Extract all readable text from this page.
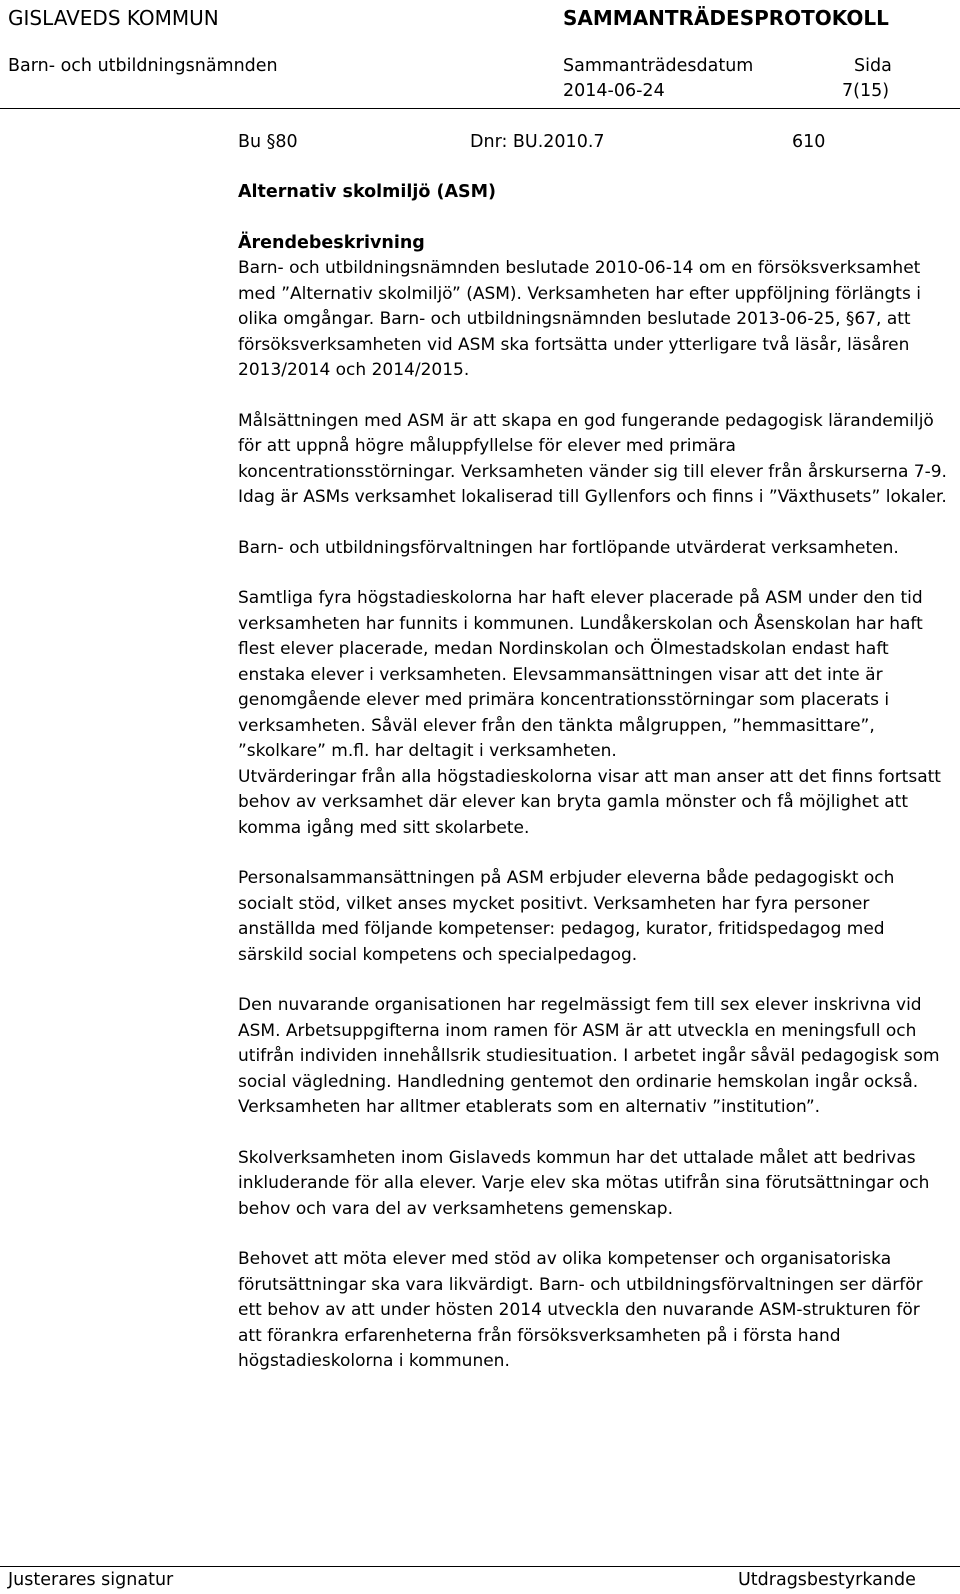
GISLAVEDS KOMMUN	SAMMANTRÄDESPROTOKOLL
Barn- och utbildningsnämnden	Sammanträdesdatum
2014-06-24
Sida
7(15)
Bu §80	Dnr: BU.2010.7	610
Alternativ skolmiljö (ASM)
Ärendebeskrivning

Barn- och utbildningsnämnden beslutade 2010-06-14 om en försöksverksamhet med ”Alternativ skolmiljö” (ASM). Verksamheten har efter uppföljning förlängts i olika omgångar. Barn- och utbildningsnämnden beslutade 2013-06-25, §67, att försöksverksamheten vid ASM ska fortsätta under ytterligare två läsår, läsåren 2013/2014 och 2014/2015.

Målsättningen med ASM är att skapa en god fungerande pedagogisk lärandemiljö för att uppnå högre måluppfyllelse för elever med primära koncentrationsstörningar. Verksamheten vänder sig till elever från årskurserna 7-9. Idag är ASMs verksamhet lokaliserad till Gyllenfors och finns i ”Växthusets” lokaler.

Barn- och utbildningsförvaltningen har fortlöpande utvärderat verksamheten.

Samtliga fyra högstadieskolorna har haft elever placerade på ASM under den tid verksamheten har funnits i kommunen. Lundåkerskolan och Åsenskolan har haft flest elever placerade, medan Nordinskolan och Ölmestadskolan endast haft enstaka elever i verksamheten. Elevsammansättningen visar att det inte är genomgående elever med primära koncentrationsstörningar som placerats i verksamheten. Såväl elever från den tänkta målgruppen, ”hemmasittare”, ”skolkare” m.fl. har deltagit i verksamheten.

Utvärderingar från alla högstadieskolorna visar att man anser att det finns fortsatt behov av verksamhet där elever kan bryta gamla mönster och få möjlighet att komma igång med sitt skolarbete.

Personalsammansättningen på ASM erbjuder eleverna både pedagogiskt och socialt stöd, vilket anses mycket positivt. Verksamheten har fyra personer anställda med följande kompetenser: pedagog, kurator, fritidspedagog med särskild social kompetens och specialpedagog.

Den nuvarande organisationen har regelmässigt fem till sex elever inskrivna vid ASM. Arbetsuppgifterna inom ramen för ASM är att utveckla en meningsfull och utifrån individen innehållsrik studiesituation. I arbetet ingår såväl pedagogisk som social vägledning. Handledning gentemot den ordinarie hemskolan ingår också. Verksamheten har alltmer etablerats som en alternativ ”institution”.

Skolverksamheten inom Gislaveds kommun har det uttalade målet att bedrivas inkluderande för alla elever. Varje elev ska mötas utifrån sina förutsättningar och behov och vara del av verksamhetens gemenskap.

Behovet att möta elever med stöd av olika kompetenser och organisatoriska förutsättningar ska vara likvärdigt. Barn- och utbildningsförvaltningen ser därför ett behov av att under hösten 2014 utveckla den nuvarande ASM-strukturen för att förankra erfarenheterna från försöksverksamheten på i första hand högstadieskolorna i kommunen.

Justerares signatur	Utdragsbestyrkande
